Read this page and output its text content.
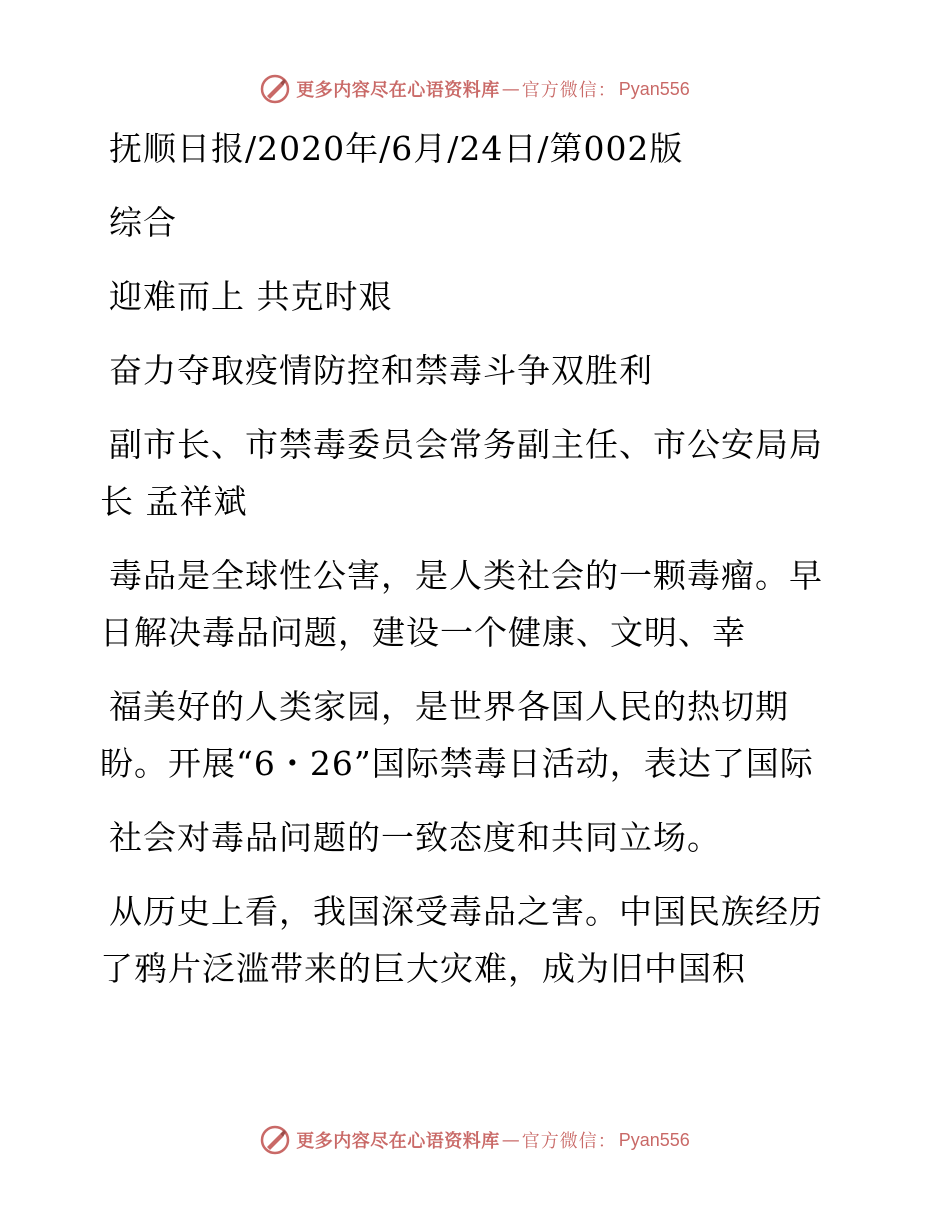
更多内容尽在心语资料库 — 官方微信： Pyan556

抚顺日报/2020年/6月/24日/第002版

综合

迎难而上 共克时艰

奋力夺取疫情防控和禁毒斗争双胜利

副市长、市禁毒委员会常务副主任、市公安局局

长 孟祥斌

毒品是全球性公害，是人类社会的一颗毒瘤。早

日解决毒品问题，建设一个健康、文明、幸

福美好的人类家园，是世界各国人民的热切期

盼。开展“6・26”国际禁毒日活动，表达了国际

社会对毒品问题的一致态度和共同立场。

从历史上看，我国深受毒品之害。中国民族经历

了鸦片泛滥带来的巨大灾难，成为旧中国积

更多内容尽在心语资料库 — 官方微信： Pyan556
